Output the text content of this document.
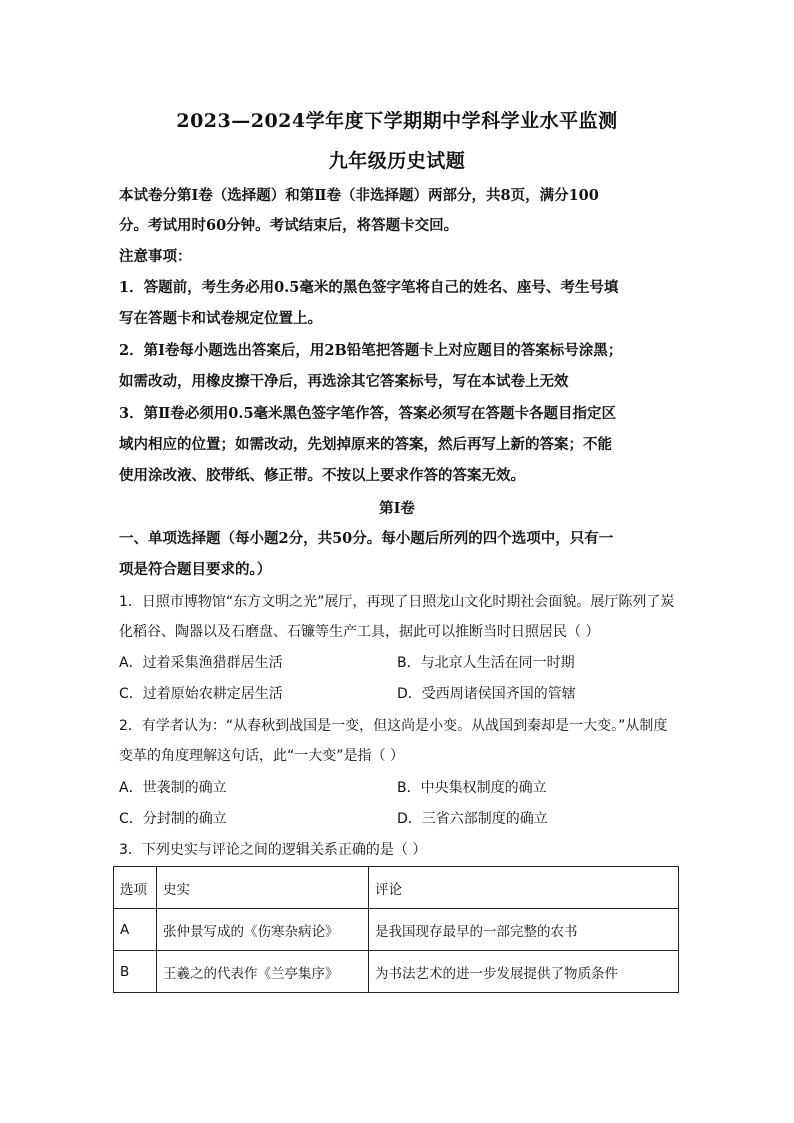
2023—2024学年度下学期期中学科学业水平监测
九年级历史试题
本试卷分第Ⅰ卷（选择题）和第Ⅱ卷（非选择题）两部分，共8页，满分100
分。考试用时60分钟。考试结束后，将答题卡交回。
注意事项：
1．答题前，考生务必用0.5毫米的黑色签字笔将自己的姓名、座号、考生号填
写在答题卡和试卷规定位置上。
2．第Ⅰ卷每小题选出答案后，用2B铅笔把答题卡上对应题目的答案标号涂黑；
如需改动，用橡皮擦干净后，再选涂其它答案标号，写在本试卷上无效
3．第Ⅱ卷必须用0.5毫米黑色签字笔作答，答案必须写在答题卡各题目指定区
域内相应的位置；如需改动，先划掉原来的答案，然后再写上新的答案；不能
使用涂改液、胶带纸、修正带。不按以上要求作答的答案无效。
第Ⅰ卷
一、单项选择题（每小题2分，共50分。每小题后所列的四个选项中，只有一
项是符合题目要求的。）
1．日照市博物馆“东方文明之光”展厅，再现了日照龙山文化时期社会面貌。展厅陈列了炭
化稻谷、陶器以及石磨盘、石镰等生产工具，据此可以推断当时日照居民（ ）
A．过着采集渔猎群居生活	B．与北京人生活在同一时期
C．过着原始农耕定居生活	D．受西周诸侯国齐国的管辖
2．有学者认为：“从春秋到战国是一变，但这尚是小变。从战国到秦却是一大变。”从制度
变革的角度理解这句话，此“一大变”是指（ ）
A．世袭制的确立	B．中央集权制度的确立
C．分封制的确立	D．三省六部制度的确立
3．下列史实与评论之间的逻辑关系正确的是（ ）
选项	史实	评论
A	张仲景写成的《伤寒杂病论》	是我国现存最早的一部完整的农书
B	王羲之的代表作《兰亭集序》	为书法艺术的进一步发展提供了物质条件
